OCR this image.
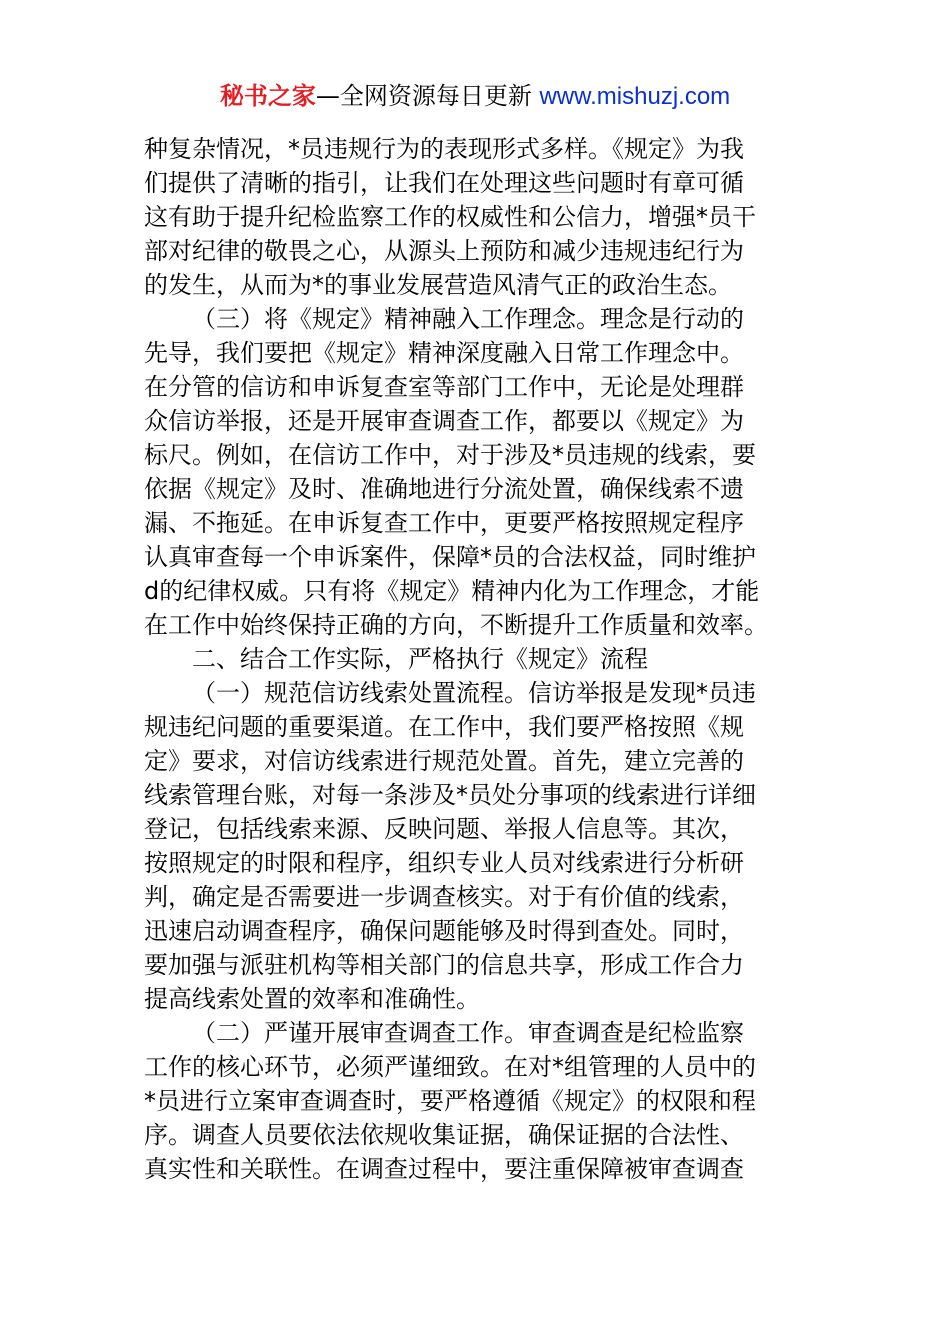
秘书之家—全网资源每日更新 www.mishuzj.com
种复杂情况，*员违规行为的表现形式多样。《规定》为我
们提供了清晰的指引，让我们在处理这些问题时有章可循
这有助于提升纪检监察工作的权威性和公信力，增强*员干
部对纪律的敬畏之心，从源头上预防和减少违规违纪行为
的发生，从而为*的事业发展营造风清气正的政治生态。
（三）将《规定》精神融入工作理念。理念是行动的
先导，我们要把《规定》精神深度融入日常工作理念中。
在分管的信访和申诉复查室等部门工作中，无论是处理群
众信访举报，还是开展审查调查工作，都要以《规定》为
标尺。例如，在信访工作中，对于涉及*员违规的线索，要
依据《规定》及时、准确地进行分流处置，确保线索不遗
漏、不拖延。在申诉复查工作中，更要严格按照规定程序
认真审查每一个申诉案件，保障*员的合法权益，同时维护
d的纪律权威。只有将《规定》精神内化为工作理念，才能
在工作中始终保持正确的方向，不断提升工作质量和效率。
二、结合工作实际，严格执行《规定》流程
（一）规范信访线索处置流程。信访举报是发现*员违
规违纪问题的重要渠道。在工作中，我们要严格按照《规
定》要求，对信访线索进行规范处置。首先，建立完善的
线索管理台账，对每一条涉及*员处分事项的线索进行详细
登记，包括线索来源、反映问题、举报人信息等。其次，
按照规定的时限和程序，组织专业人员对线索进行分析研
判，确定是否需要进一步调查核实。对于有价值的线索，
迅速启动调查程序，确保问题能够及时得到查处。同时，
要加强与派驻机构等相关部门的信息共享，形成工作合力
提高线索处置的效率和准确性。
（二）严谨开展审查调查工作。审查调查是纪检监察
工作的核心环节，必须严谨细致。在对*组管理的人员中的
*员进行立案审查调查时，要严格遵循《规定》的权限和程
序。调查人员要依法依规收集证据，确保证据的合法性、
真实性和关联性。在调查过程中，要注重保障被审查调查
